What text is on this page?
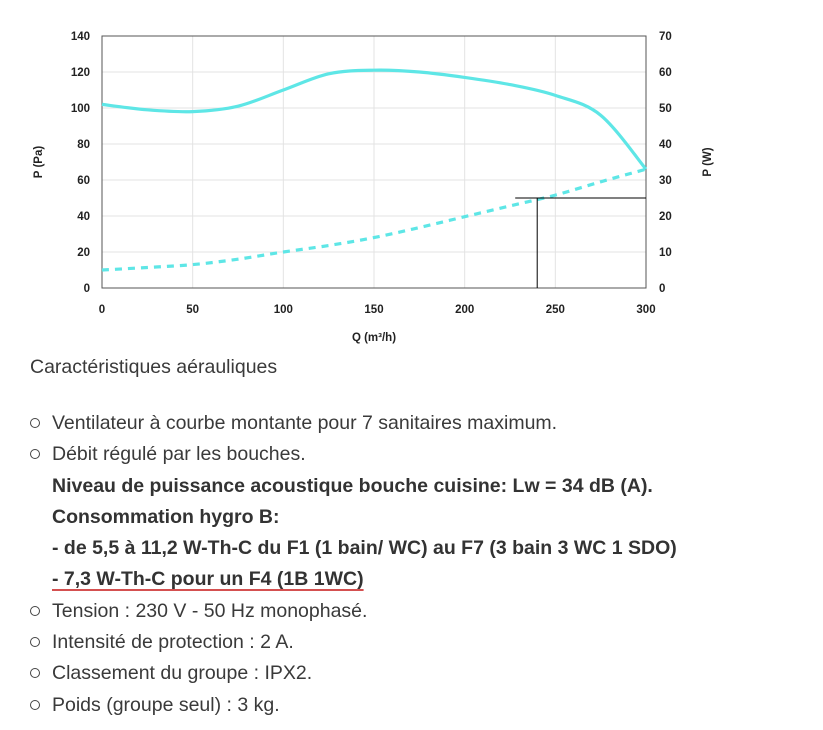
0	50	100	150	200	250	300
0
20
40
60
80
100
120
140
0
10
20
30
40
50
60
70
Q (m³/h)
P (Pa)	P (W)
Caractéristiques aérauliques
Ventilateur à courbe montante pour 7 sanitaires maximum.
Débit régulé par les bouches.
Niveau de puissance acoustique bouche cuisine: Lw = 34 dB (A).
Consommation hygro B:
- de 5,5 à 11,2 W-Th-C du F1 (1 bain/ WC) au F7 (3 bain 3 WC 1 SDO)
- 7,3 W-Th-C pour un F4 (1B 1WC)
Tension : 230 V - 50 Hz monophasé.
Intensité de protection : 2 A.
Classement du groupe : IPX2.
Poids (groupe seul) : 3 kg.
